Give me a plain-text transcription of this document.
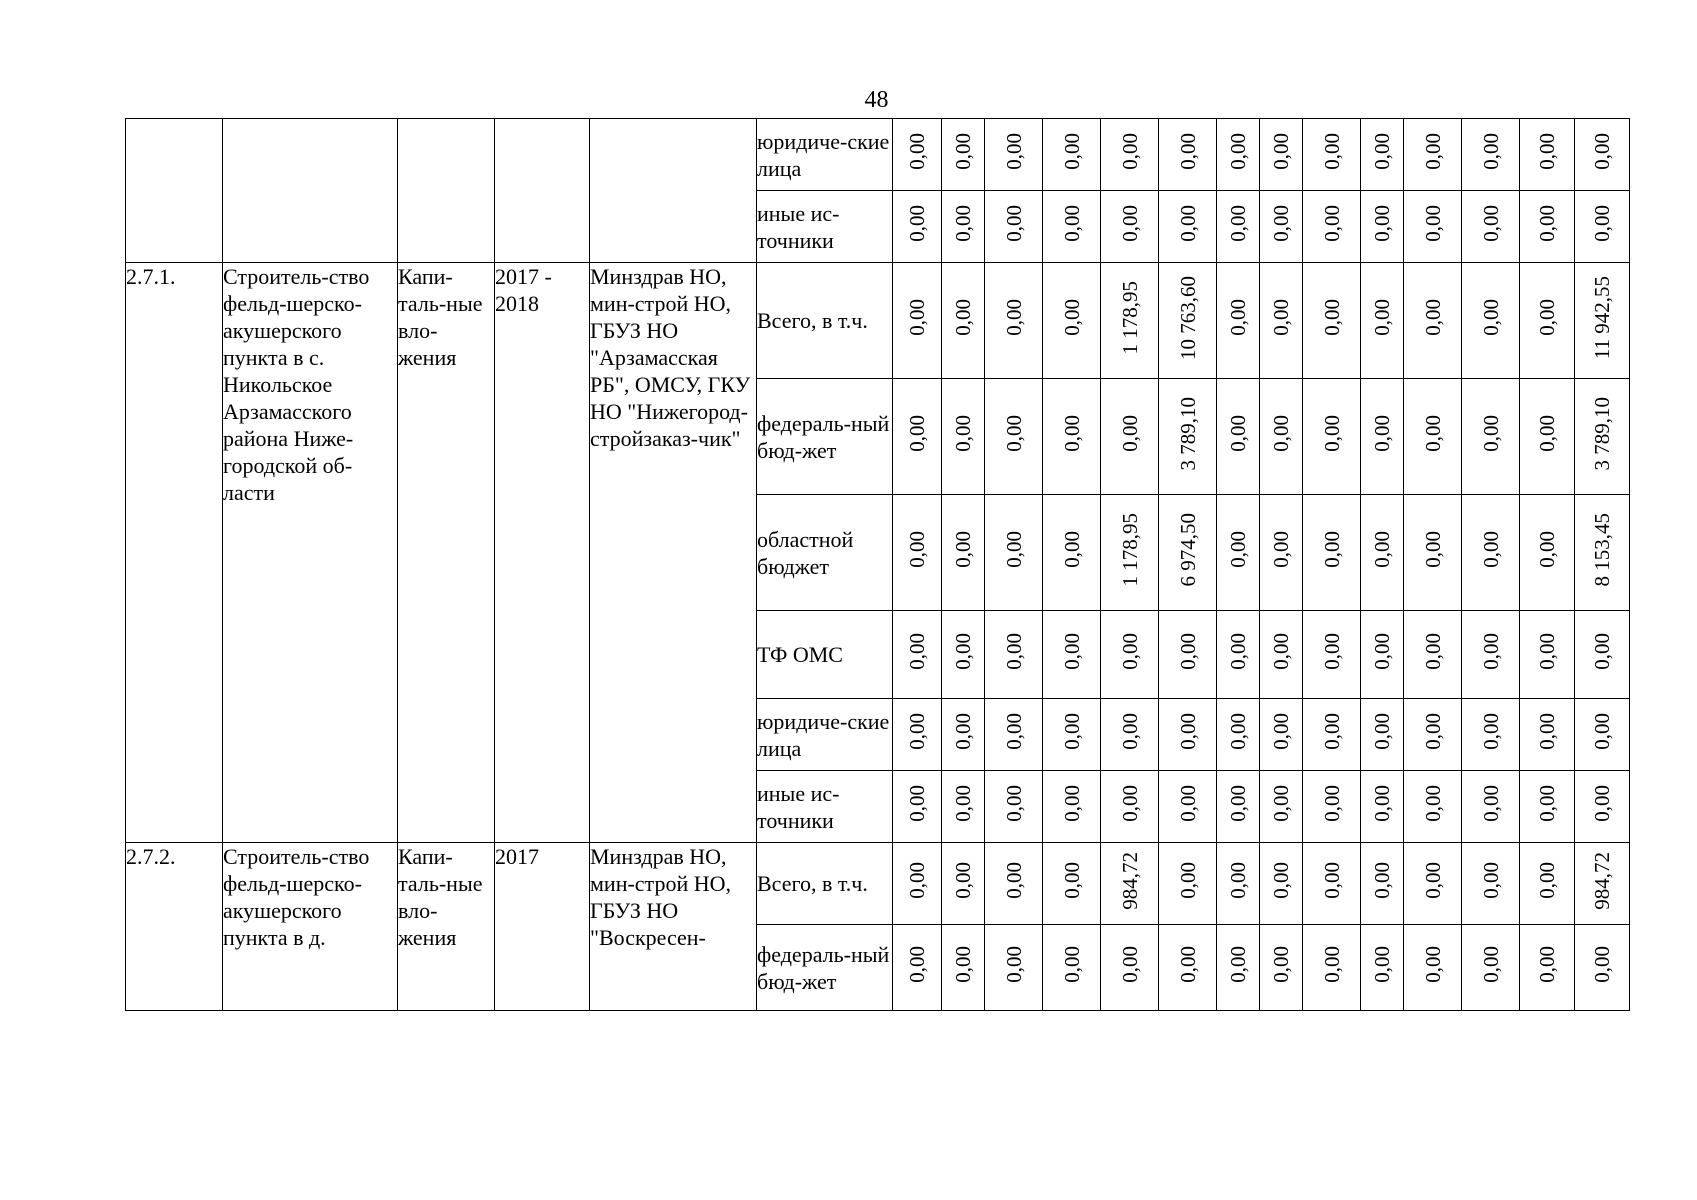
48
					юридиче-ские лица	0,00	0,00	0,00	0,00	0,00	0,00	0,00	0,00	0,00	0,00	0,00	0,00	0,00	0,00
					иные ис-точники	0,00	0,00	0,00	0,00	0,00	0,00	0,00	0,00	0,00	0,00	0,00	0,00	0,00	0,00
2.7.1.	Строитель-ство фельд-шерско-акушерского пункта в с. Никольское Арзамасского района Ниже-городской об-ласти	Капи-таль-ные вло-жения	2017 - 2018	Минздрав НО, мин-строй НО, ГБУЗ НО "Арзамасская РБ", ОМСУ, ГКУ НО "Нижегород-стройзаказ-чик"	Всего, в т.ч.	0,00	0,00	0,00	0,00	1 178,95	10 763,60	0,00	0,00	0,00	0,00	0,00	0,00	0,00	11 942,55
					федераль-ный бюд-жет	0,00	0,00	0,00	0,00	0,00	3 789,10	0,00	0,00	0,00	0,00	0,00	0,00	0,00	3 789,10
					областной бюджет	0,00	0,00	0,00	0,00	1 178,95	6 974,50	0,00	0,00	0,00	0,00	0,00	0,00	0,00	8 153,45
					ТФ ОМС	0,00	0,00	0,00	0,00	0,00	0,00	0,00	0,00	0,00	0,00	0,00	0,00	0,00	0,00
					юридиче-ские лица	0,00	0,00	0,00	0,00	0,00	0,00	0,00	0,00	0,00	0,00	0,00	0,00	0,00	0,00
					иные ис-точники	0,00	0,00	0,00	0,00	0,00	0,00	0,00	0,00	0,00	0,00	0,00	0,00	0,00	0,00
2.7.2.	Строитель-ство фельд-шерско-акушерского пункта в д.	Капи-таль-ные вло-жения	2017	Минздрав НО, мин-строй НО, ГБУЗ НО "Воскресен-	Всего, в т.ч.	0,00	0,00	0,00	0,00	984,72	0,00	0,00	0,00	0,00	0,00	0,00	0,00	0,00	984,72
					федераль-ный бюд-жет	0,00	0,00	0,00	0,00	0,00	0,00	0,00	0,00	0,00	0,00	0,00	0,00	0,00	0,00
